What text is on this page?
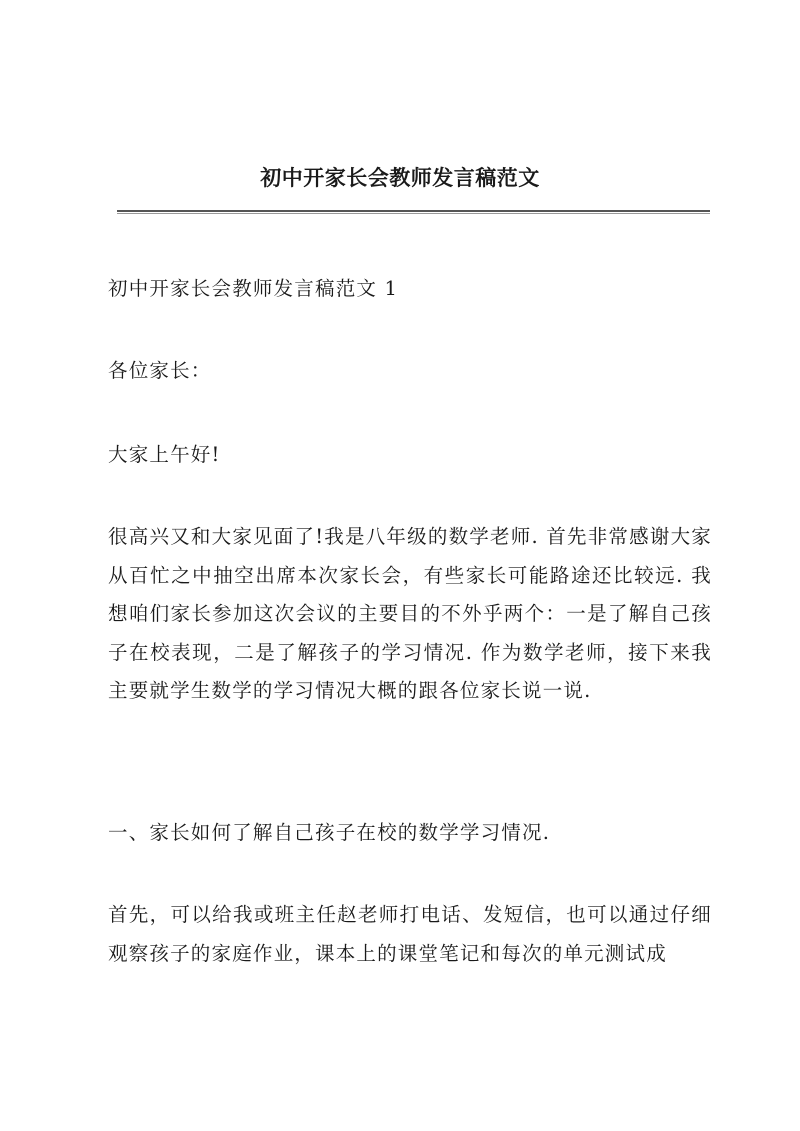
初中开家长会教师发言稿范文

初中开家长会教师发言稿范文 1

各位家长：

大家上午好!

很高兴又和大家见面了!我是八年级的数学老师. 首先非常感谢大家从百忙之中抽空出席本次家长会，有些家长可能路途还比较远. 我想咱们家长参加这次会议的主要目的不外乎两个：一是了解自己孩子在校表现，二是了解孩子的学习情况. 作为数学老师，接下来我主要就学生数学的学习情况大概的跟各位家长说一说.

一、家长如何了解自己孩子在校的数学学习情况.

首先，可以给我或班主任赵老师打电话、发短信，也可以通过仔细观察孩子的家庭作业，课本上的课堂笔记和每次的单元测试成
